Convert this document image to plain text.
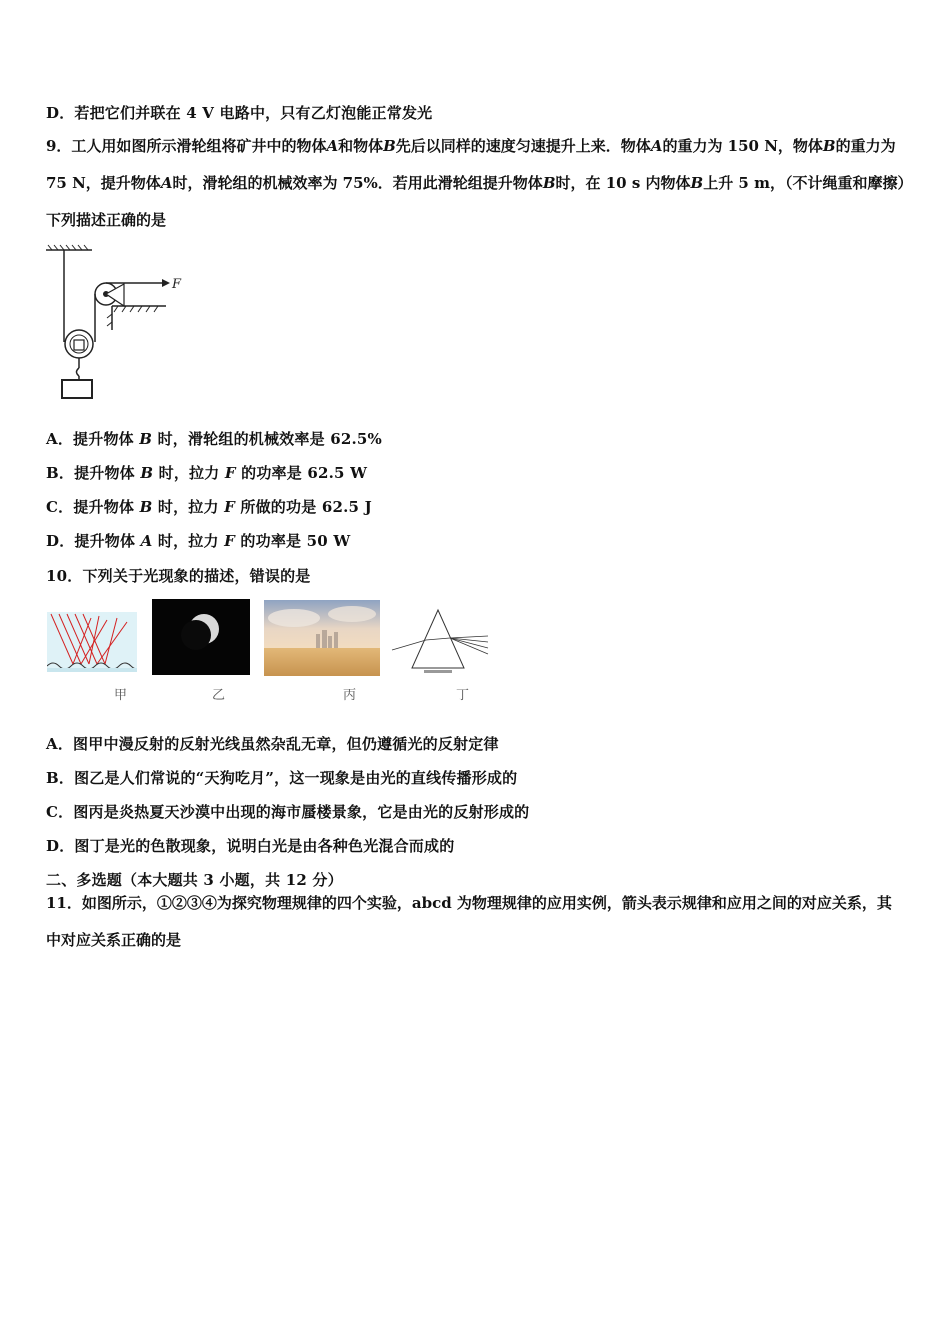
D．若把它们并联在 4 V 电路中，只有乙灯泡能正常发光
9．工人用如图所示滑轮组将矿井中的物体A和物体B先后以同样的速度匀速提升上来．物体A的重力为 150 N，物体B的重力为 75 N，提升物体A时，滑轮组的机械效率为 75%．若用此滑轮组提升物体B时，在 10 s 内物体B上升 5 m，（不计绳重和摩擦）下列描述正确的是
F
A．提升物体 B 时，滑轮组的机械效率是 62.5%
B．提升物体 B 时，拉力 F 的功率是 62.5 W
C．提升物体 B 时，拉力 F 所做的功是 62.5 J
D．提升物体 A 时，拉力 F 的功率是 50 W
10．下列关于光现象的描述，错误的是
甲	乙	丙	丁
A．图甲中漫反射的反射光线虽然杂乱无章，但仍遵循光的反射定律
B．图乙是人们常说的“天狗吃月”，这一现象是由光的直线传播形成的
C．图丙是炎热夏天沙漠中出现的海市蜃楼景象，它是由光的反射形成的
D．图丁是光的色散现象，说明白光是由各种色光混合而成的
二、多选题（本大题共 3 小题，共 12 分）
11．如图所示，①②③④为探究物理规律的四个实验，abcd 为物理规律的应用实例，箭头表示规律和应用之间的对应关系，其中对应关系正确的是
